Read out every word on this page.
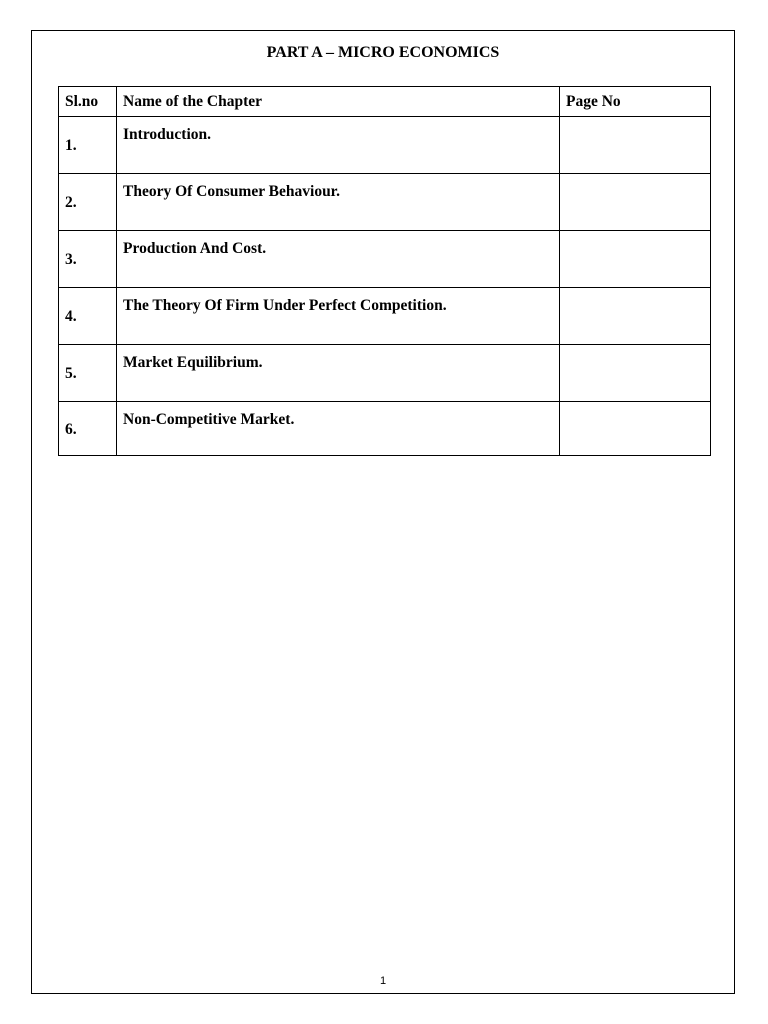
PART A – MICRO ECONOMICS
Sl.no	Name of the Chapter	Page No
1.	Introduction.	
2.	Theory Of Consumer Behaviour.	
3.	Production And Cost.	
4.	The Theory Of Firm Under Perfect Competition.	
5.	Market Equilibrium.	
6.	Non-Competitive Market.	
1
